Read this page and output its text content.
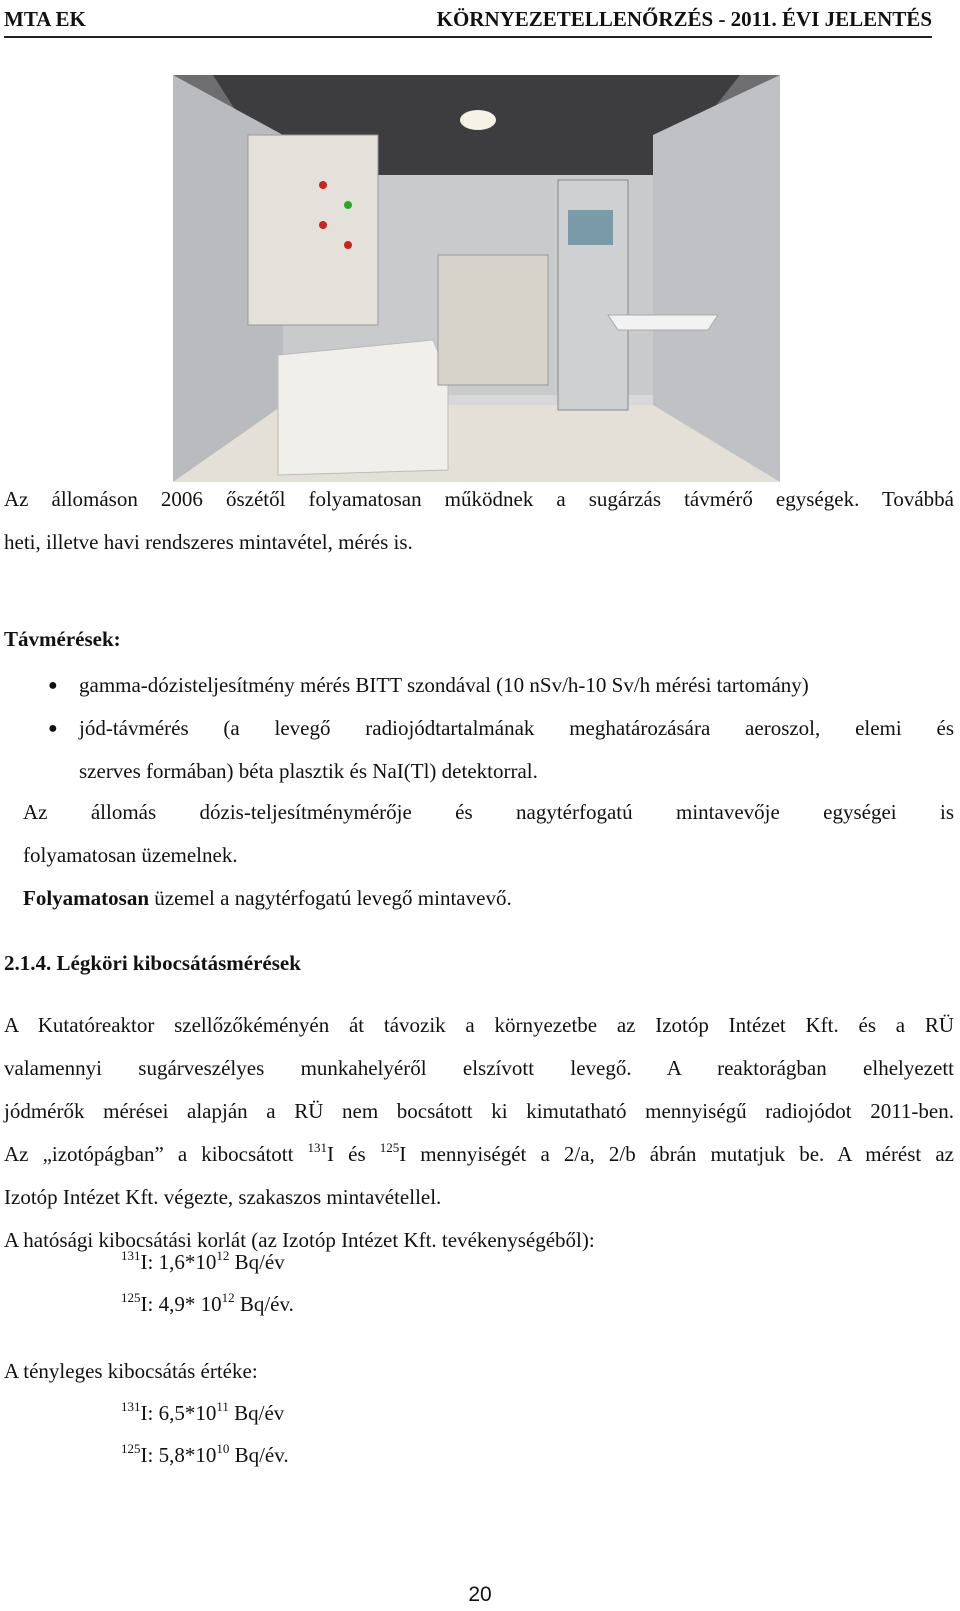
MTA EK	KÖRNYEZETELLENŐRZÉS - 2011. ÉVI JELENTÉS
Az állomáson 2006 őszétől folyamatosan működnek a sugárzás távmérő egységek. Továbbá
heti, illetve havi rendszeres mintavétel, mérés is.
Távmérések:
● gamma-dózisteljesítmény mérés BITT szondával (10 nSv/h-10 Sv/h mérési tartomány)
● jód-távmérés (a levegő radiojódtartalmának meghatározására aeroszol, elemi és
szerves formában) béta plasztik és NaI(Tl) detektorral.
Az állomás dózis-teljesítménymérője és nagytérfogatú mintavevője egységei is
folyamatosan üzemelnek.
Folyamatosan üzemel a nagytérfogatú levegő mintavevő.
2.1.4. Légköri kibocsátásmérések
A Kutatóreaktor szellőzőkéményén át távozik a környezetbe az Izotóp Intézet Kft. és a RÜ
valamennyi sugárveszélyes munkahelyéről elszívott levegő. A reaktorágban elhelyezett
jódmérők mérései alapján a RÜ nem bocsátott ki kimutatható mennyiségű radiojódot 2011-ben.
Az „izotópágban” a kibocsátott $^{131}$I és $^{125}$I mennyiségét a 2/a, 2/b ábrán mutatjuk be. A mérést az
Izotóp Intézet Kft. végezte, szakaszos mintavétellel.
A hatósági kibocsátási korlát (az Izotóp Intézet Kft. tevékenységéből):
$^{131}$I: $1,6*10^{12}$ Bq/év
$^{125}$I: 4,9* $10^{12}$ Bq/év.
A tényleges kibocsátás értéke:
$^{131}$I: $6,5*10^{11}$ Bq/év
$^{125}$I: $5,8*10^{10}$ Bq/év.
20
